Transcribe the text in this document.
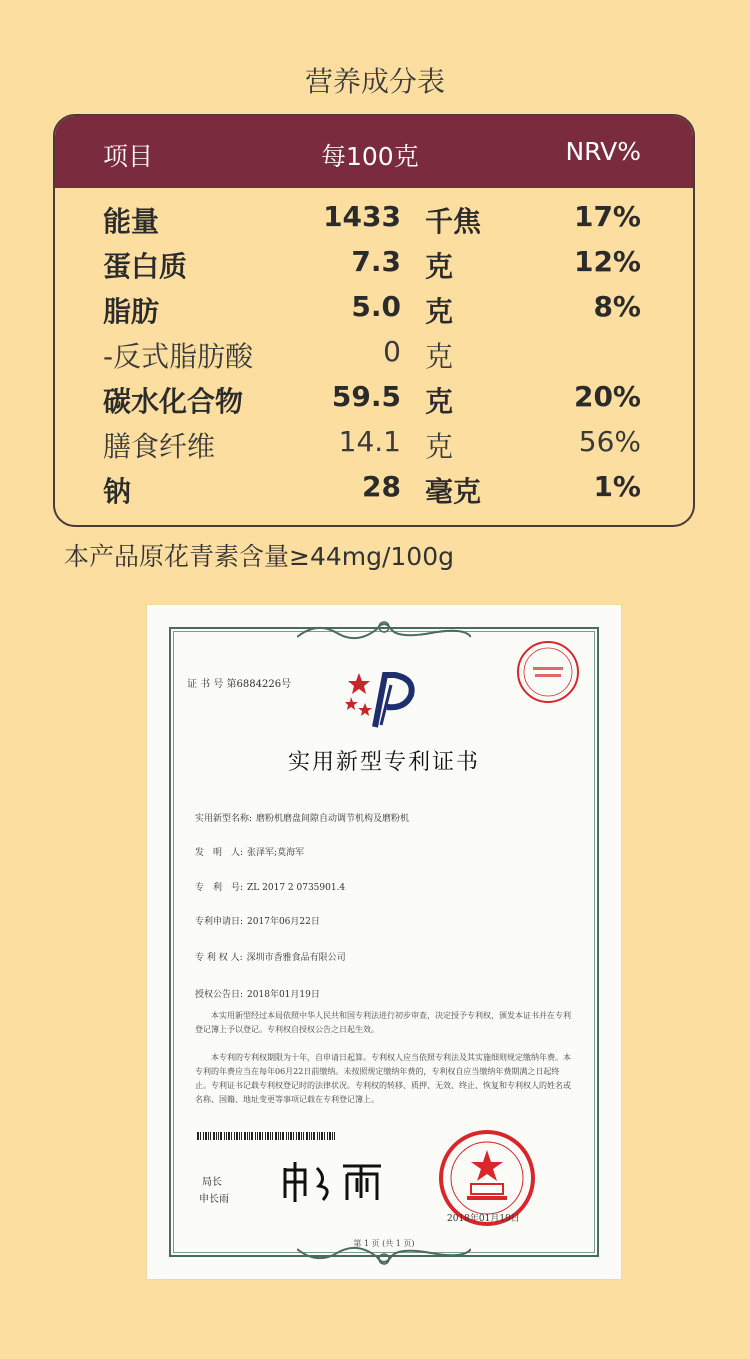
营养成分表
项目	每100克	NRV%
能量	1433 千焦	17%
蛋白质	7.3 克	12%
脂肪	5.0 克	8%
-反式脂肪酸	0 克
碳水化合物	59.5 克	20%
膳食纤维	14.1 克	56%
钠	28 毫克	1%
本产品原花青素含量≥44mg/100g
证 书 号 第6884226号
实用新型专利证书
实用新型名称: 磨粉机磨盘间隙自动调节机构及磨粉机
发　明　人: 张泽军;莫海军
专　利　号: ZL 2017 2 0735901.4
专利申请日: 2017年06月22日
专 利 权 人: 深圳市香雅食品有限公司
授权公告日: 2018年01月19日

本实用新型经过本局依照中华人民共和国专利法进行初步审查，决定授予专利权，颁发本证书并在专利登记簿上予以登记。专利权自授权公告之日起生效。

本专利的专利权期限为十年，自申请日起算。专利权人应当依照专利法及其实施细则规定缴纳年费。本专利的年费应当在每年06月22日前缴纳。未按照规定缴纳年费的，专利权自应当缴纳年费期满之日起终止。 专利证书记载专利权登记时的法律状况。专利权的转移、质押、无效、终止、恢复和专利权人的姓名或名称、国籍、地址变更等事项记载在专利登记簿上。

局长
申长雨
2018年01月19日
第 1 页 (共 1 页)
